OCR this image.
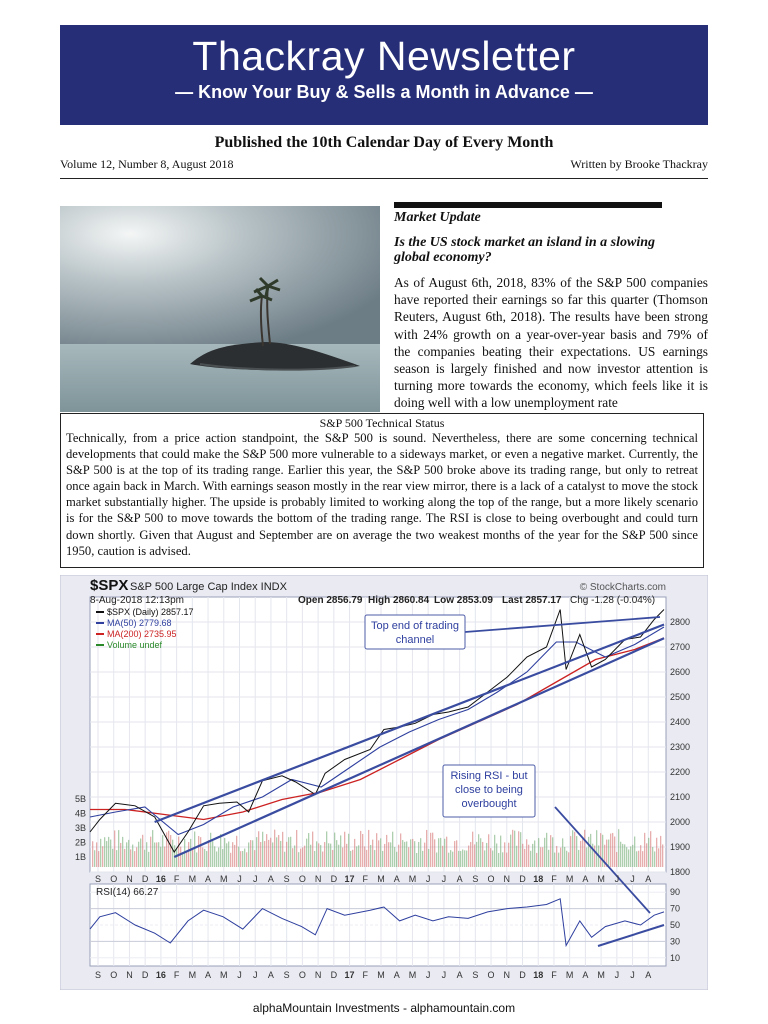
Thackray Newsletter
— Know Your Buy & Sells a Month in Advance —
Published the 10th Calendar Day of Every Month
Volume 12, Number 8, August 2018	Written by Brooke Thackray
Market Update
Is the US stock market an island in a slowing global economy?
As of August 6th, 2018, 83% of the S&P 500 companies have reported their earnings so far this quarter (Thomson Reuters, August 6th, 2018). The results have been strong with 24% growth on a year-over-year basis and 79% of the companies beating their expectations. US earnings season is largely finished and now investor attention is turning more towards the economy, which feels like it is doing well with a low unemployment rate
S&P 500 Technical Status
Technically, from a price action standpoint, the S&P 500 is sound. Nevertheless, there are some concerning technical developments that could make the S&P 500 more vulnerable to a sideways market, or even a negative market. Currently, the S&P 500 is at the top of its trading range. Earlier this year, the S&P 500 broke above its trading range, but only to retreat once again back in March. With earnings season mostly in the rear view mirror, there is a lack of a catalyst to move the stock market substantially higher. The upside is probably limited to working along the top of the range, but a more likely scenario is for the S&P 500 to move towards the bottom of the trading range. The RSI is close to being overbought and could turn down shortly. Given that August and September are on average the two weakest months of the year for the S&P 500 since 1950, caution is advised.
S
S
O
O
N
N
D
D
16
16
F
F
M
M
A
A
M
M
J
J
J
J
A
A
S
S
O
O
N
N
D
D
17
17
F
F
M
M
A
A
M
M
J
J
J
J
A
A
S
S
O
O
N
N
D
D
18
18
F
F
M
M
A
A
M
M
J
J
J
J
A
A
1800
1900
2000
2100
2200
2300
2400
2500
2600
2700
2800
1B
2B
3B
4B
5B
10
30
50
70
90
$SPX S&P 500 Large Cap Index INDX	© StockCharts.com
8-Aug-2018 12:13pm	Open 2856.79 High 2860.84 Low 2853.09 Last 2857.17 Chg -1.28 (-0.04%)
$SPX (Daily) 2857.17
MA(50) 2779.68
MA(200) 2735.95
Volume undef
Top end of trading
channel
Rising RSI - but
close to being
overbought
RSI(14) 66.27
alphaMountain Investments - alphamountain.com
